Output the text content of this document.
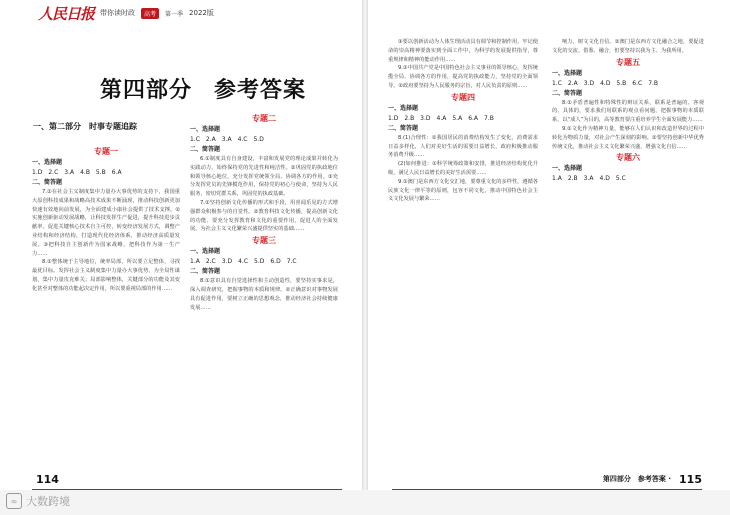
人民日报 带你读时政	高考	第一季 2022版
第四部分 参考答案
一、第二部分　时事专题追踪
专题一
一、选择题

1.D　2.C　3.A　4.B　5.B　6.A

二、简答题

7.①在社会主义制度集中力量办大事优势的支持下，我国重大原创科技成果和战略高技术成果不断涌现，推动科技创新更加快速有效地向前发展，为全面建成小康社会提供了技术支撑。②实施创新驱动发展战略，让科技发挥生产促进，提升科技进步贡献率。促进关键核心技术自主可控，转变经济发展方式，调整产业结构和经济结构，打造现代化经济体系，推动经济高质量发展。③把科技自主创新作为国家战略，把科技作为第一生产力……

8.①整体统于主导地位，统率局部，所以要立足整体，寻找最优目标。发挥社会主义制度集中力量办大事优势，为全局性谋划，集中力量攻克难关；局部影响整体，关键部分的功能及其变化甚至对整体的功能起决定作用，所以要重视局部的作用……

专题二
一、选择题

1.C　2.A　3.A　4.C　5.D

二、简答题

6.①制度具有自身建设，丰富和发展党的理论成果并转化为实践动力，始终保持党的先进性和纯洁性。②巩固党的执政地位和领导核心地位，充分发挥党统领全局、协调各方的作用。③充分发挥党员的先锋模范作用，保持党的初心与使命，坚持为人民服务，密切党群关系，巩固党的执政基础。

7.①坚持创新文化传播的形式和手段，用喜闻乐见的方式增强群众积极参与的自觉性。②教育科技文化传播，提高创新文化的功能、要充分发挥教育和文化的重要作用，促进人的全面发展，为社会主义文化繁荣兴盛提供坚实的基础……

专题三
一、选择题

1.A　2.C　3.D　4.C　5.D　6.D　7.C

二、简答题

8.①意识具有自觉选择性和主动创造性，要坚持实事求是，深入调查研究，把握事物的本质和规律。②正确意识对事物发展具有促进作用，要树立正确的思想观念，推动经济社会持续健康发展……

114

③要以创新活动为人体生理活动具有调节和控制作用，牢记使命的崇高精神要落实到全面工作中，为科学的发展提供指导，尊重规律和精神的能动作用……

9.①中国共产党是中国特色社会主义事业的领导核心，发挥统揽全局、协调各方的作用，提高党的执政能力，坚持党的全面领导。②政府要坚持为人民服务的宗旨，对人民负责的原则……

专题四
一、选择题

1.D　2.B　3.D　4.A　5.A　6.A　7.B

二、简答题

8.(1)合理性：①我国居民的消费结构发生了变化，消费需求日益多样化，人们对美好生活的需要日益增长，政府积极推动服务消费升级……

(2)如何推进：①科学统筹政策和安排，推进经济结构优化升级，满足人民日益增长的美好生活需要……

9.①澳门是东西方文化交汇地，要尊重文化的多样性，遵循各民族文化一律平等的原则，包容不同文化，推动中国特色社会主义文化发展与繁荣……

响力，树文文化自信。②澳门是东西方文化融合之地，要促进文化的交流、借鉴、融合，但要坚持以我为主、为我所用。

专题五
一、选择题

1.C　2.A　3.D　4.D　5.B　6.C　7.B

二、简答题

8.①矛盾普遍性和特殊性的辩证关系，联系是普遍的、客观的、具体的，要求我们用联系的观点看问题，把握事物的本质联系，以“成人”为目的，高等教育要注重培养学生全面发展能力……

9.①文化作为精神力量，能够在人们认识和改造世界的过程中转化为物质力量，对社会产生深刻的影响。②要坚持创新中华优秀传统文化，推动社会主义文化繁荣兴盛，增强文化自信……

专题六
一、选择题

1.A　2.B　3.A　4.D　5.C

第四部分　参考答案 · 115
∞ 大数跨境
